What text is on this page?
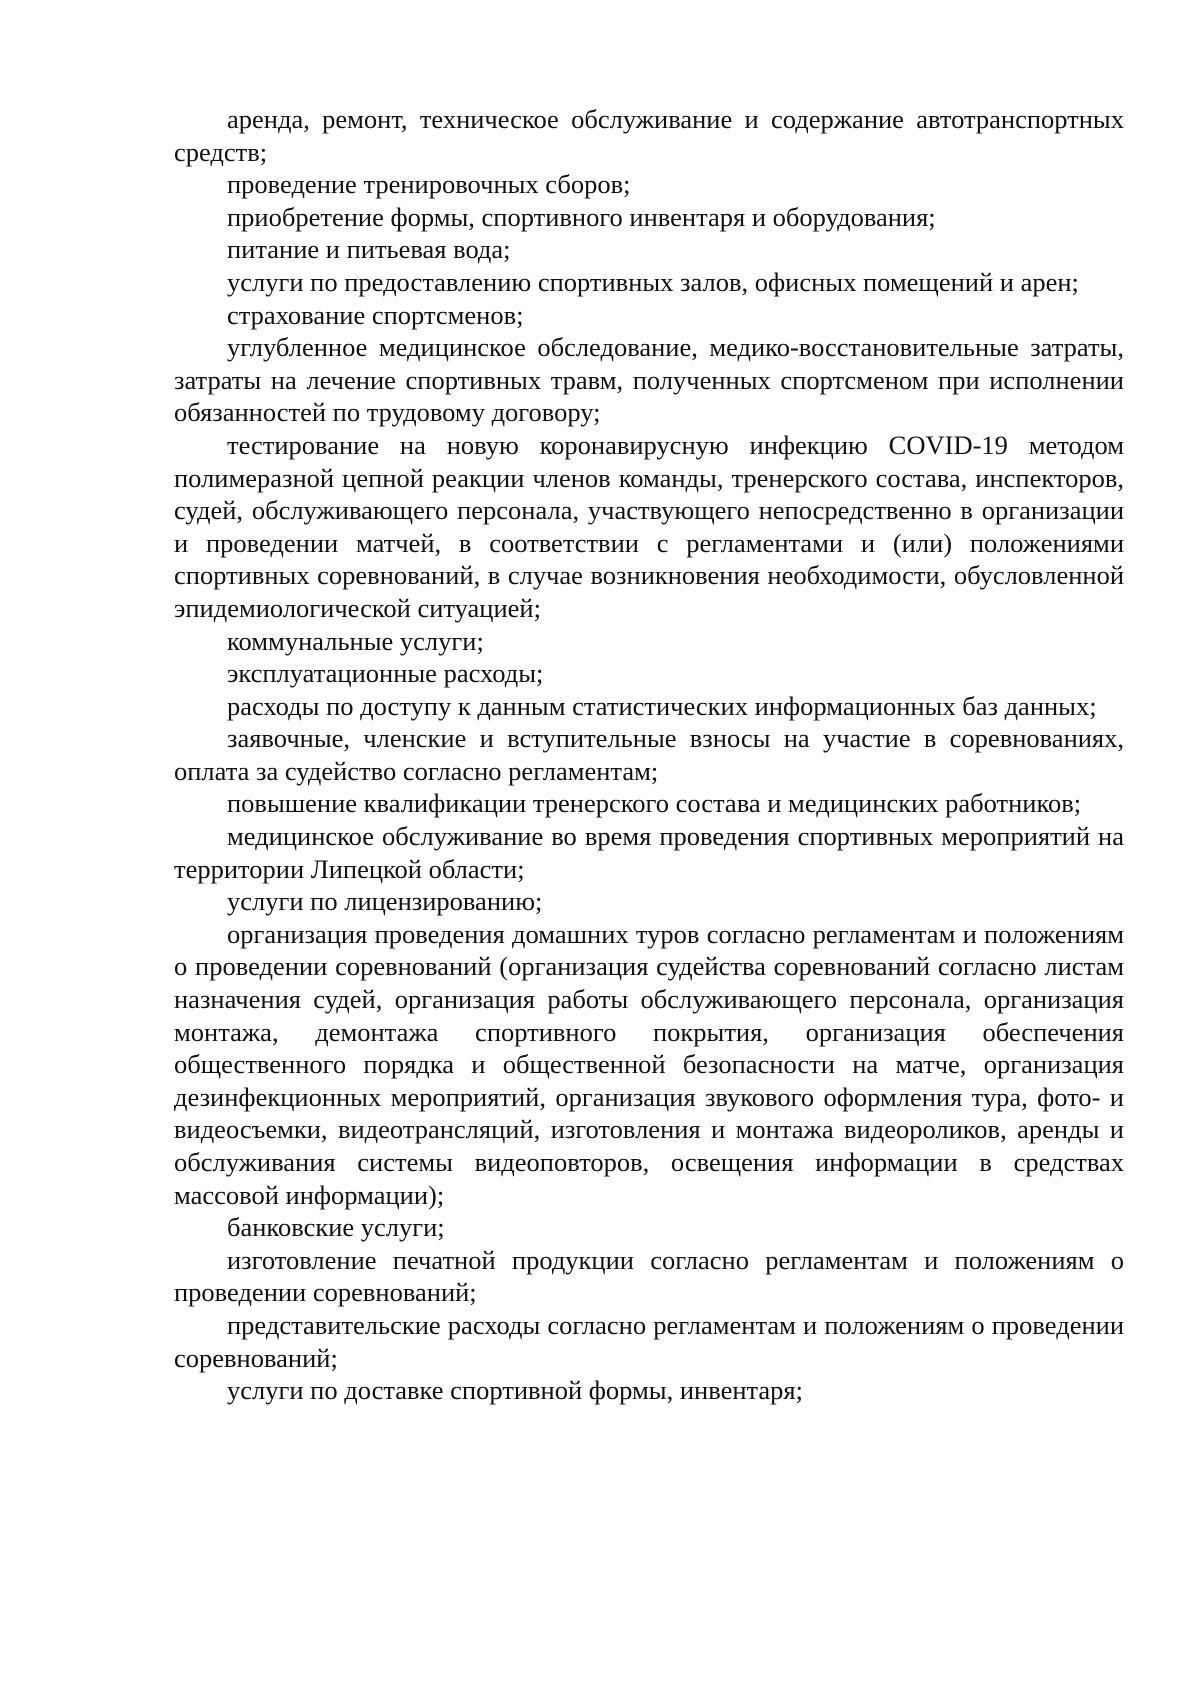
аренда, ремонт, техническое обслуживание и содержание автотранспортных средств;

проведение тренировочных сборов;

приобретение формы, спортивного инвентаря и оборудования;

питание и питьевая вода;

услуги по предоставлению спортивных залов, офисных помещений и арен;

страхование спортсменов;

углубленное медицинское обследование, медико-восстановительные затраты, затраты на лечение спортивных травм, полученных спортсменом при исполнении обязанностей по трудовому договору;

тестирование на новую коронавирусную инфекцию COVID-19 методом полимеразной цепной реакции членов команды, тренерского состава, инспекторов, судей, обслуживающего персонала, участвующего непосредственно в организации и проведении матчей, в соответствии с регламентами и (или) положениями спортивных соревнований, в случае возникновения необходимости, обусловленной эпидемиологической ситуацией;

коммунальные услуги;

эксплуатационные расходы;

расходы по доступу к данным статистических информационных баз данных;

заявочные, членские и вступительные взносы на участие в соревнованиях, оплата за судейство согласно регламентам;

повышение квалификации тренерского состава и медицинских работников;

медицинское обслуживание во время проведения спортивных мероприятий на территории Липецкой области;

услуги по лицензированию;

организация проведения домашних туров согласно регламентам и положениям о проведении соревнований (организация судейства соревнований согласно листам назначения судей, организация работы обслуживающего персонала, организация монтажа, демонтажа спортивного покрытия, организация обеспечения общественного порядка и общественной безопасности на матче, организация дезинфекционных мероприятий, организация звукового оформления тура, фото- и видеосъемки, видеотрансляций, изготовления и монтажа видеороликов, аренды и обслуживания системы видеоповторов, освещения информации в средствах массовой информации);

банковские услуги;

изготовление печатной продукции согласно регламентам и положениям о проведении соревнований;

представительские расходы согласно регламентам и положениям о проведении соревнований;

услуги по доставке спортивной формы, инвентаря;
